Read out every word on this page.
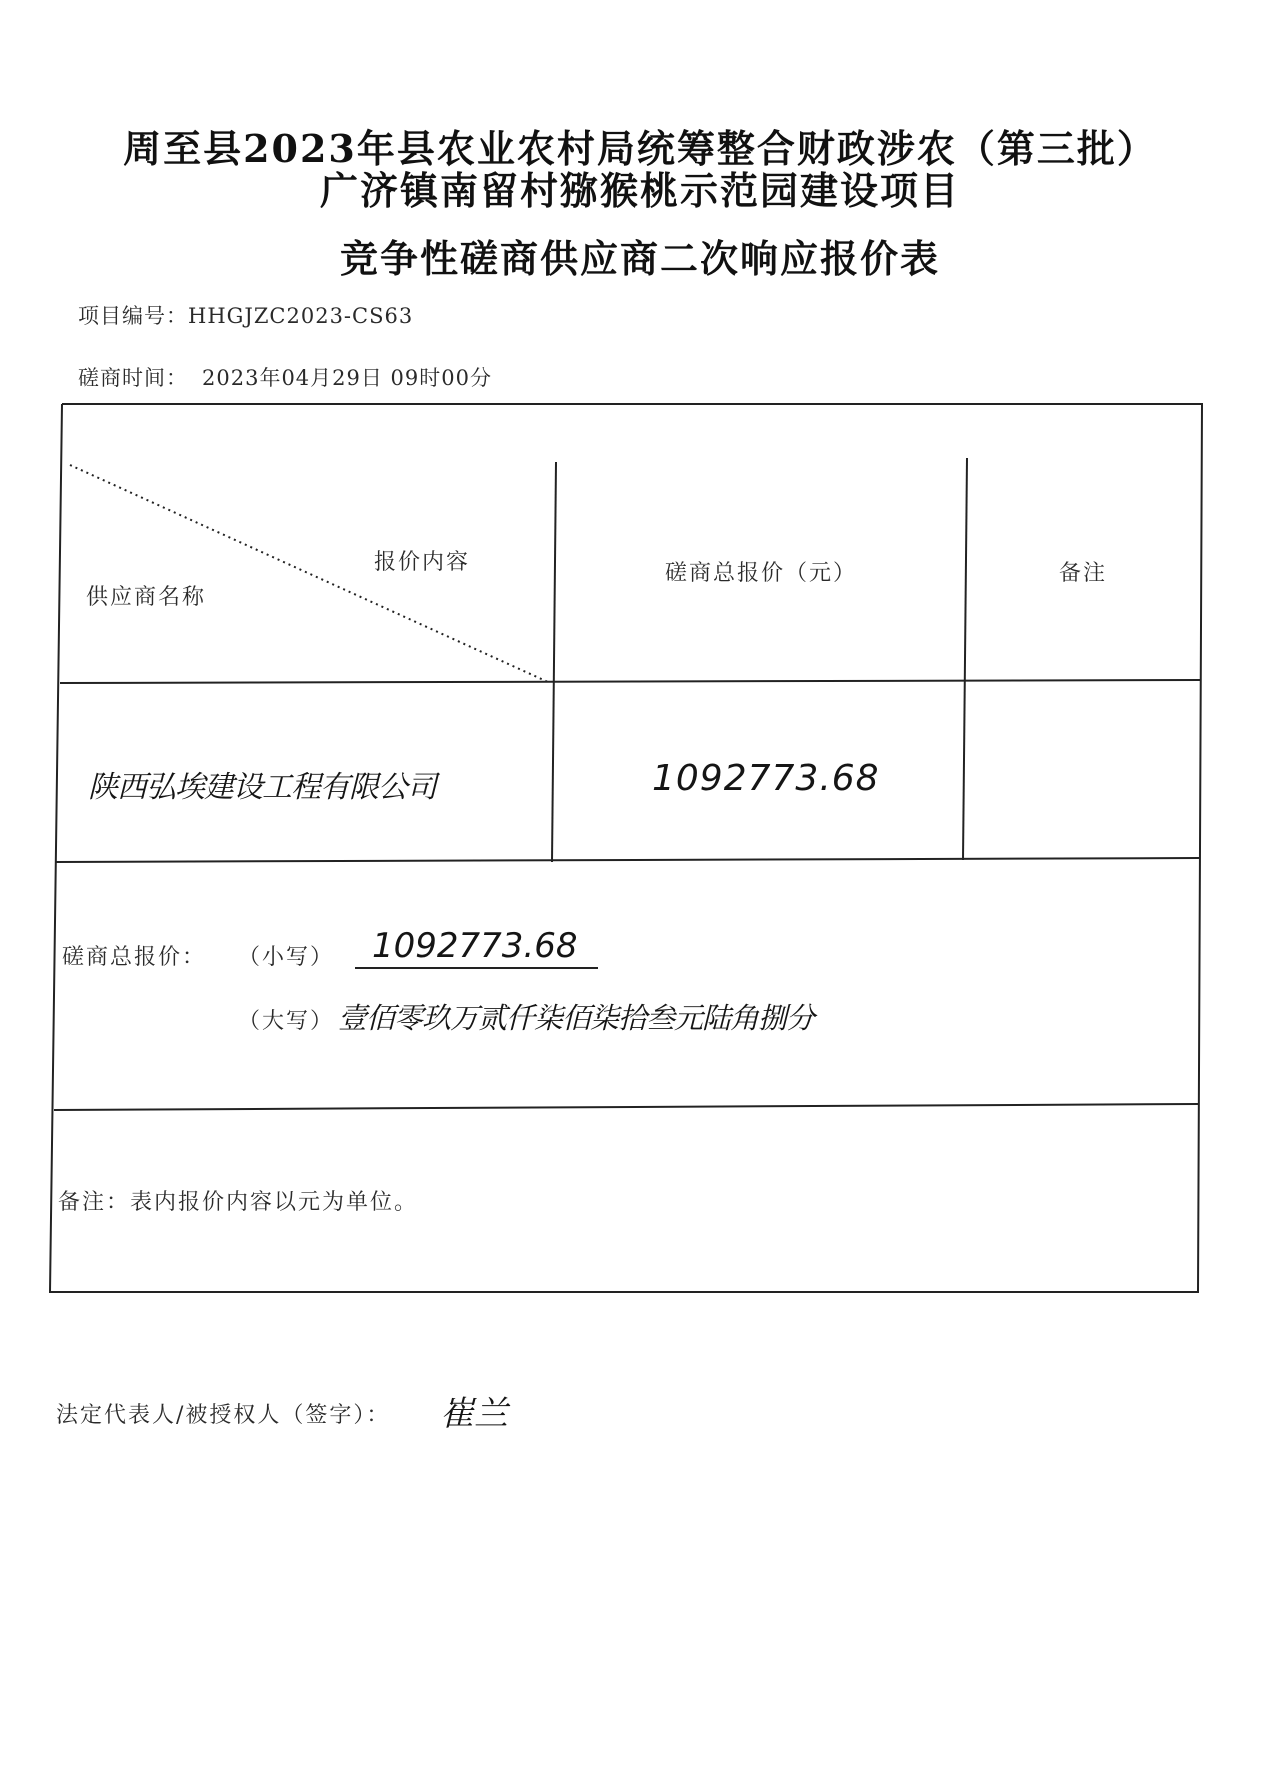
周至县2023年县农业农村局统筹整合财政涉农（第三批）
广济镇南留村猕猴桃示范园建设项目
竞争性磋商供应商二次响应报价表
项目编号：HHGJZC2023-CS63
磋商时间： 2023年04月29日 09时00分
报价内容
供应商名称
磋商总报价（元）	备注
陕西弘埃建设工程有限公司	1092773.68
磋商总报价： （小写） 1092773.68
（大写） 壹佰零玖万贰仟柒佰柒拾叁元陆角捌分
备注：表内报价内容以元为单位。
法定代表人/被授权人（签字）： 崔兰
